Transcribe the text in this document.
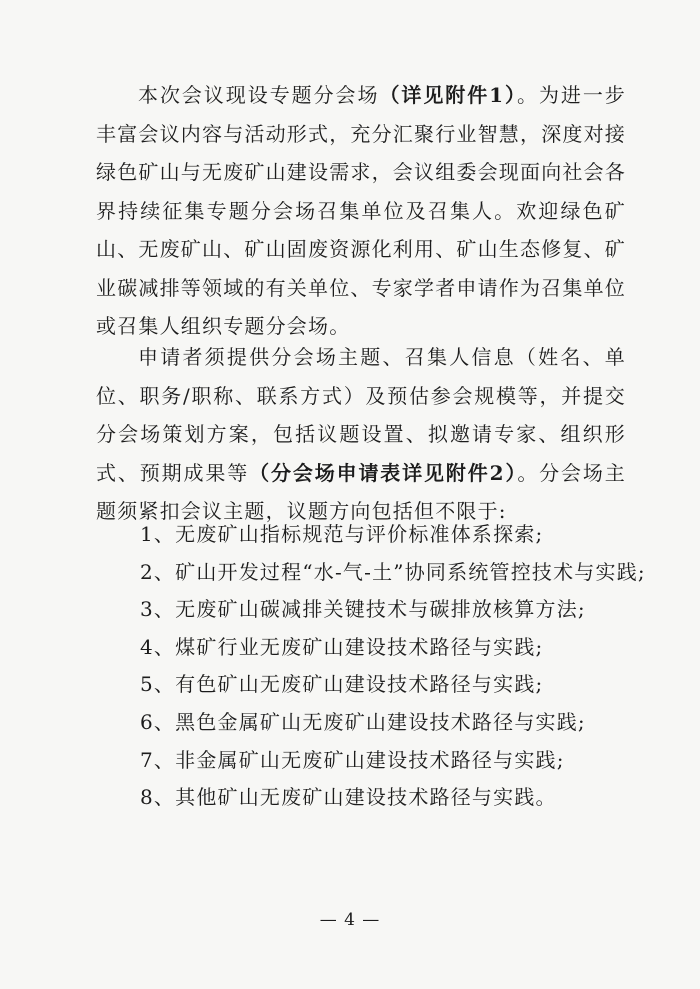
本次会议现设专题分会场（详见附件1）。为进一步丰富会议内容与活动形式，充分汇聚行业智慧，深度对接绿色矿山与无废矿山建设需求，会议组委会现面向社会各界持续征集专题分会场召集单位及召集人。欢迎绿色矿山、无废矿山、矿山固废资源化利用、矿山生态修复、矿业碳减排等领域的有关单位、专家学者申请作为召集单位或召集人组织专题分会场。

申请者须提供分会场主题、召集人信息（姓名、单位、职务/职称、联系方式）及预估参会规模等，并提交分会场策划方案，包括议题设置、拟邀请专家、组织形式、预期成果等（分会场申请表详见附件2）。分会场主题须紧扣会议主题，议题方向包括但不限于:

1、无废矿山指标规范与评价标准体系探索;
2、矿山开发过程“水-气-土”协同系统管控技术与实践;
3、无废矿山碳减排关键技术与碳排放核算方法;
4、煤矿行业无废矿山建设技术路径与实践;
5、有色矿山无废矿山建设技术路径与实践;
6、黑色金属矿山无废矿山建设技术路径与实践;
7、非金属矿山无废矿山建设技术路径与实践;
8、其他矿山无废矿山建设技术路径与实践。
— 4 —
